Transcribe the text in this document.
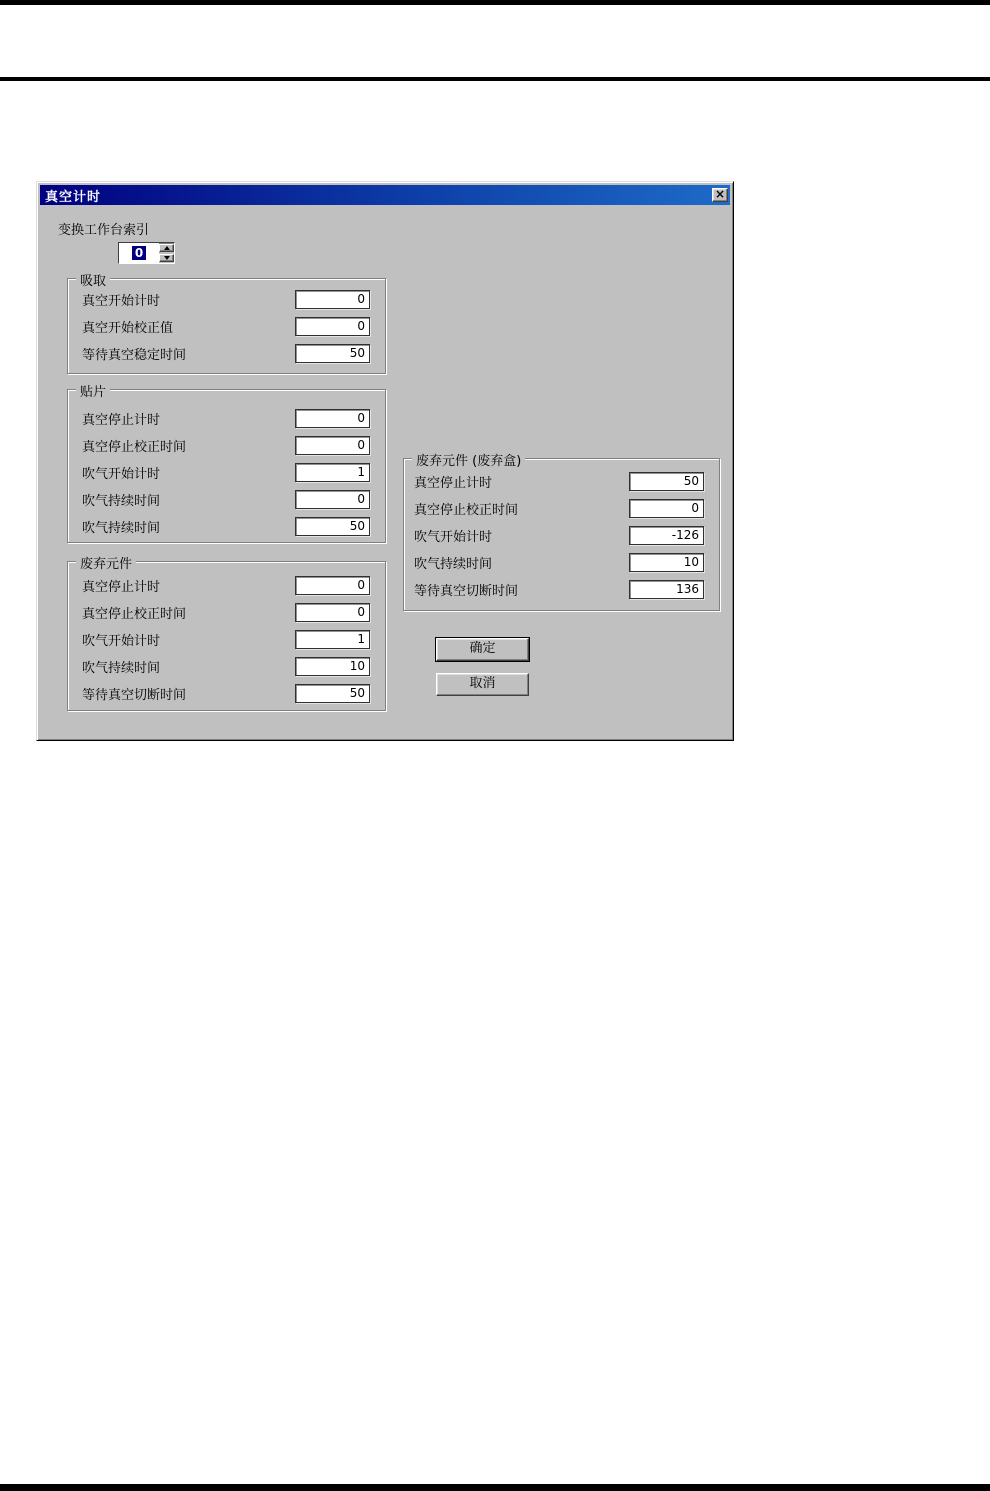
真空计时	×
变换工作台索引
0
吸取
真空开始计时	0
真空开始校正值	0
等待真空稳定时间	50
贴片
真空停止计时	0
真空停止校正时间	0
吹气开始计时	1
吹气持续时间	0
吹气持续时间	50
废弃元件
真空停止计时	0
真空停止校正时间	0
吹气开始计时	1
吹气持续时间	10
等待真空切断时间	50
废弃元件 (废弃盒)
真空停止计时	50
真空停止校正时间	0
吹气开始计时	-126
吹气持续时间	10
等待真空切断时间	136
确定
取消
